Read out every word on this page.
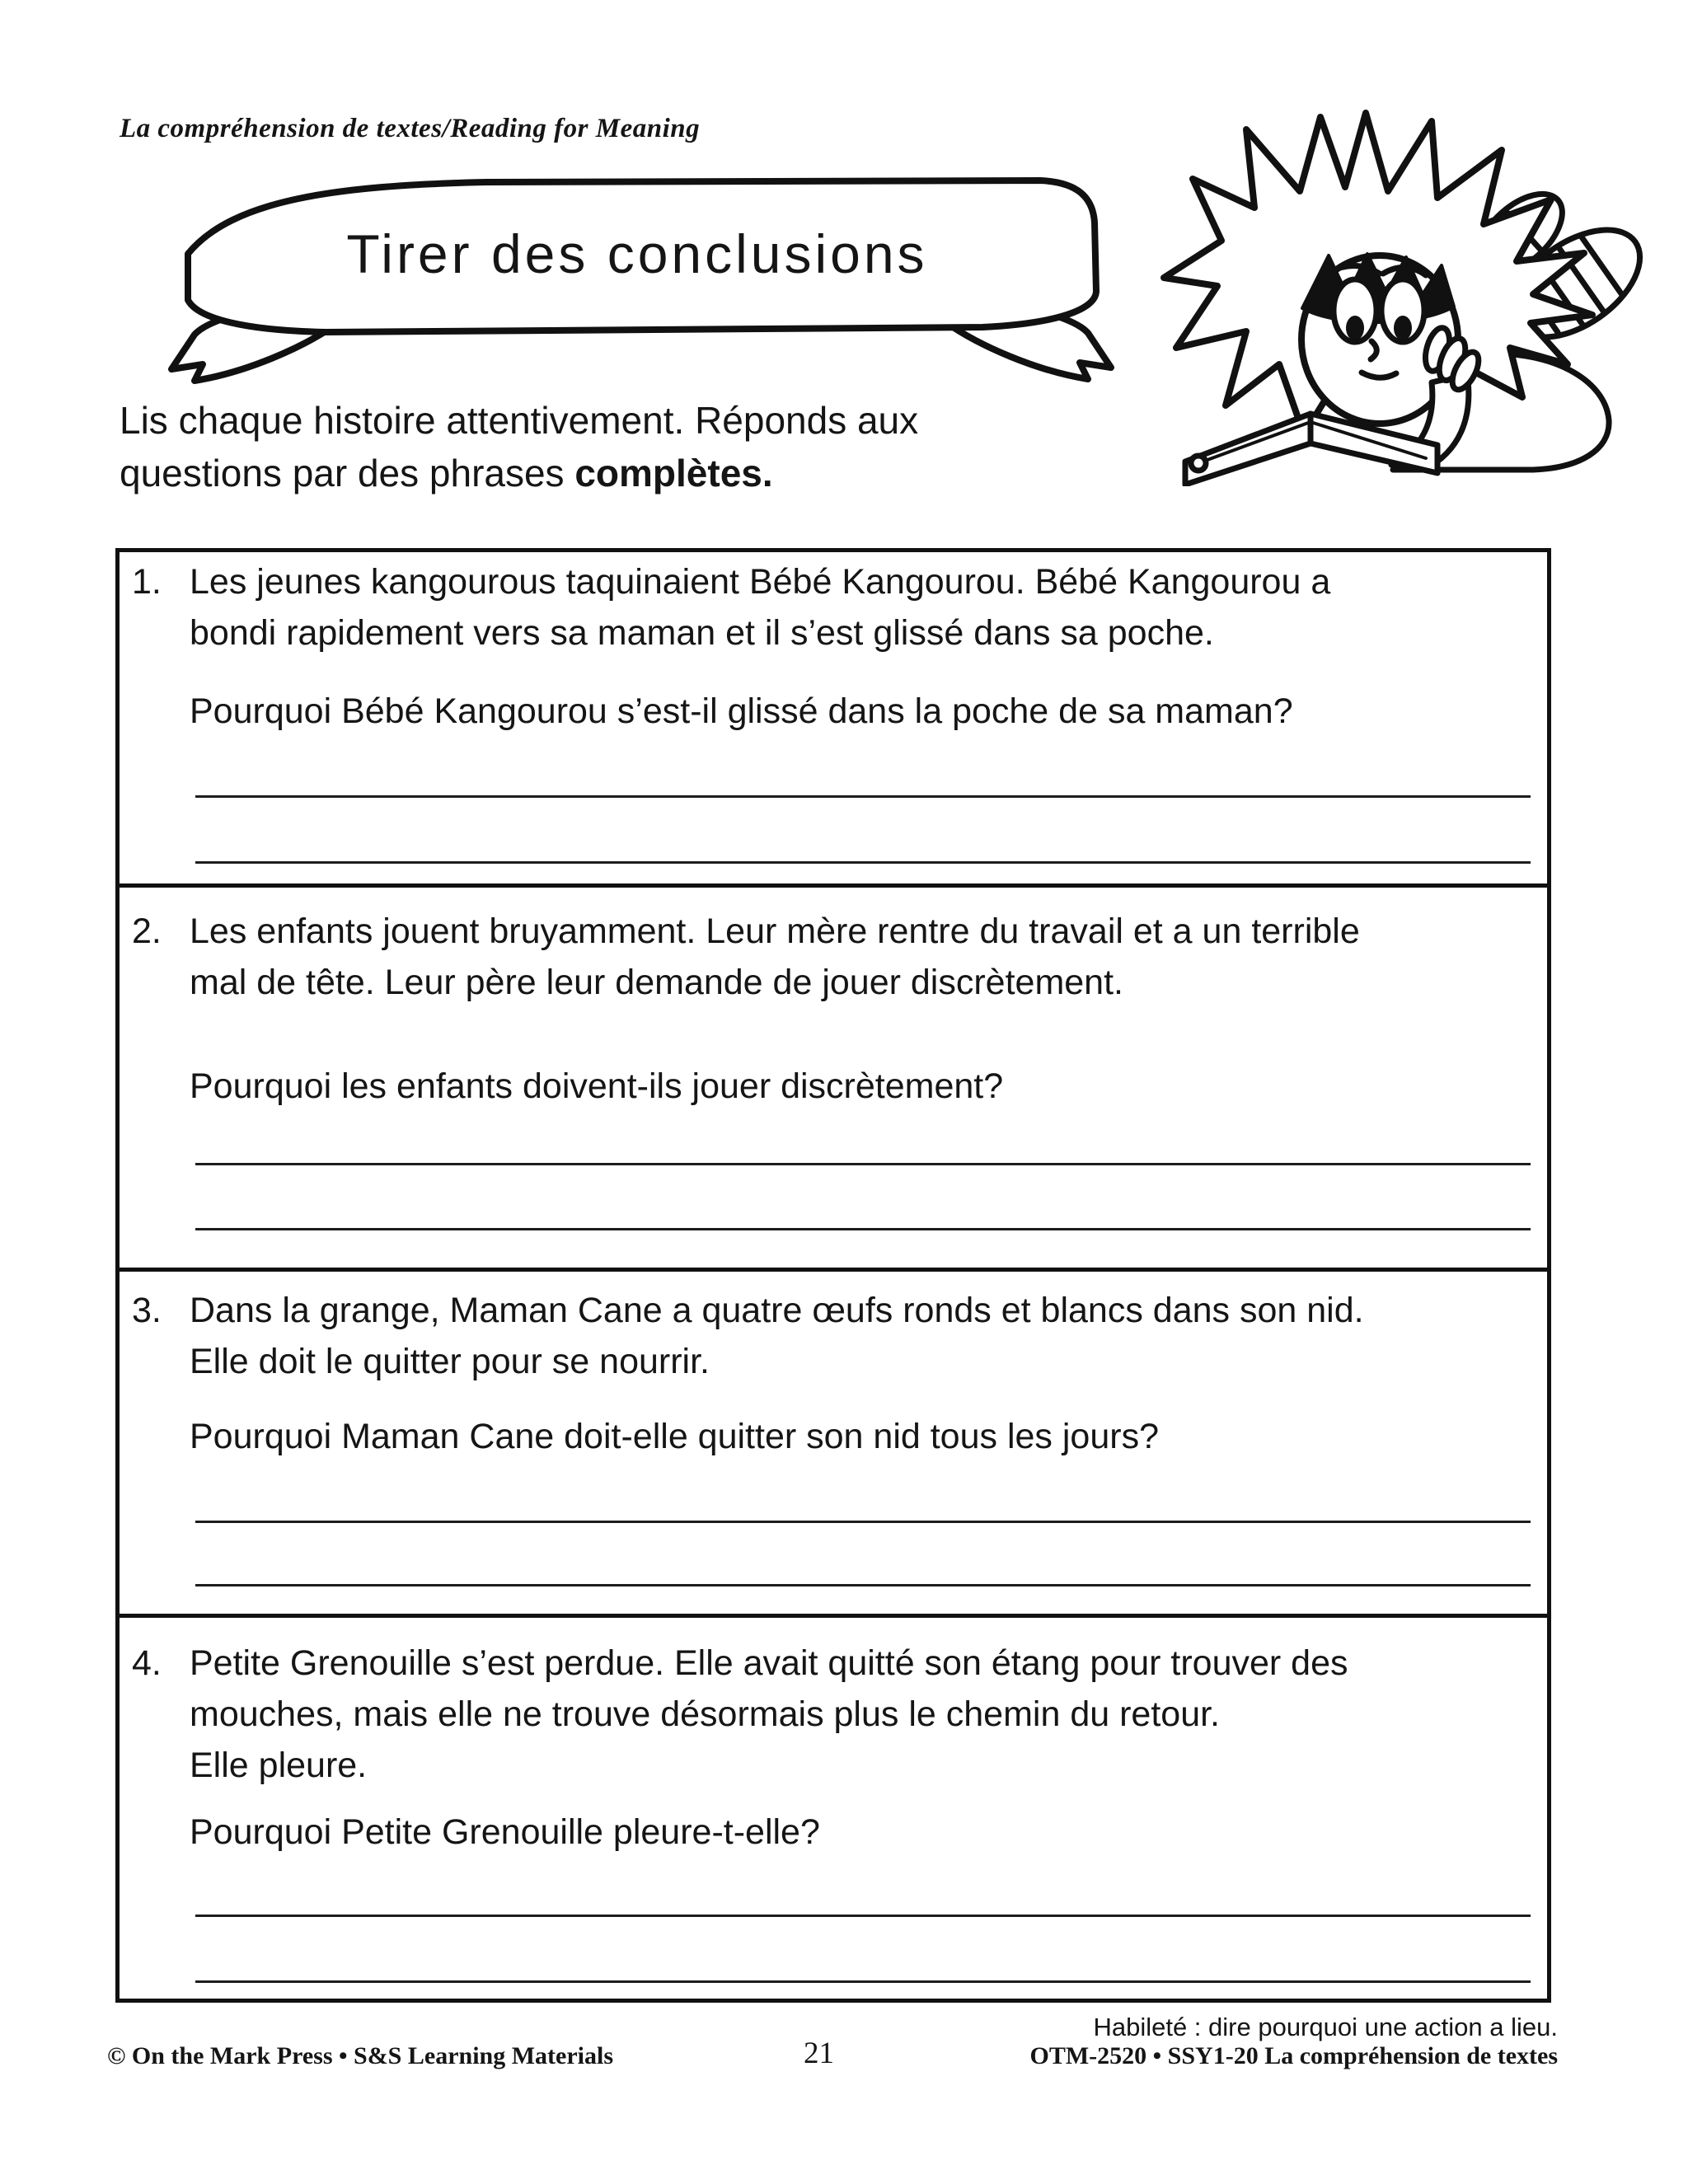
La compréhension de textes/Reading for Meaning
Tirer des conclusions
Lis chaque histoire attentivement. Réponds aux
questions par des phrases complètes.
1. Les jeunes kangourous taquinaient Bébé Kangourou. Bébé Kangourou a
bondi rapidement vers sa maman et il s’est glissé dans sa poche.
Pourquoi Bébé Kangourou s’est-il glissé dans la poche de sa maman?
2. Les enfants jouent bruyamment. Leur mère rentre du travail et a un terrible
mal de tête. Leur père leur demande de jouer discrètement.
Pourquoi les enfants doivent-ils jouer discrètement?
3. Dans la grange, Maman Cane a quatre œufs ronds et blancs dans son nid.
Elle doit le quitter pour se nourrir.
Pourquoi Maman Cane doit-elle quitter son nid tous les jours?
4. Petite Grenouille s’est perdue. Elle avait quitté son étang pour trouver des
mouches, mais elle ne trouve désormais plus le chemin du retour.
Elle pleure.
Pourquoi Petite Grenouille pleure-t-elle?
Habileté : dire pourquoi une action a lieu.
© On the Mark Press • S&S Learning Materials	21	OTM-2520 • SSY1-20 La compréhension de textes
